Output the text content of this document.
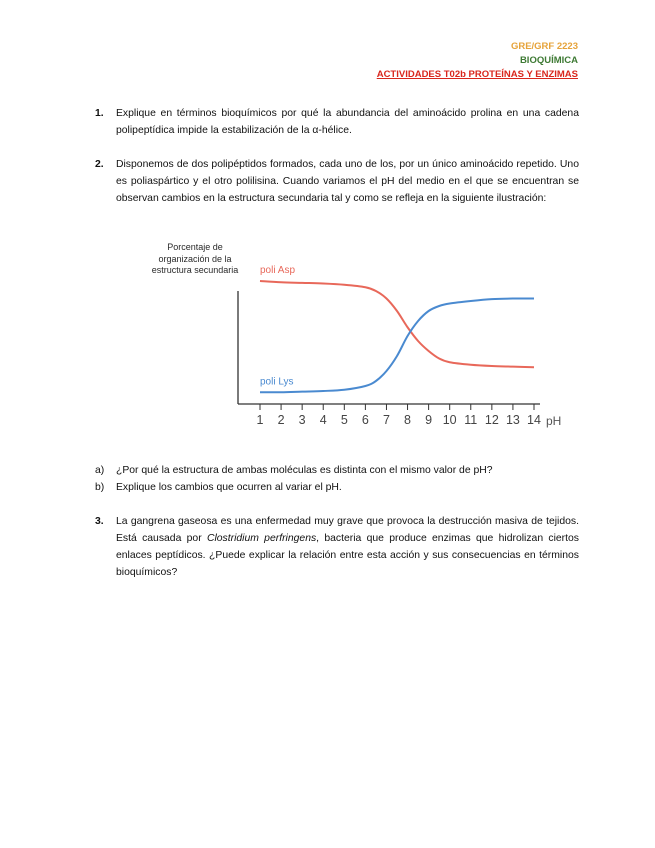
GRE/GRF 2223
BIOQUÍMICA
ACTIVIDADES T02b PROTEÍNAS Y ENZIMAS
1. Explique en términos bioquímicos por qué la abundancia del aminoácido prolina en una cadena polipeptídica impide la estabilización de la α-hélice.

2. Disponemos de dos polipéptidos formados, cada uno de los, por un único aminoácido repetido. Uno es poliaspártico y el otro polilisina. Cuando variamos el pH del medio en el que se encuentran se observan cambios en la estructura secundaria tal y como se refleja en la siguiente ilustración:

Porcentaje de organización de la estructura secundaria
1 2 3 4 5 6 7 8 9 10 11 12 13 14 pH
poli Asp
poli Lys
a) ¿Por qué la estructura de ambas moléculas es distinta con el mismo valor de pH?
b) Explique los cambios que ocurren al variar el pH.
3. La gangrena gaseosa es una enfermedad muy grave que provoca la destrucción masiva de tejidos. Está causada por Clostridium perfringens, bacteria que produce enzimas que hidrolizan ciertos enlaces peptídicos. ¿Puede explicar la relación entre esta acción y sus consecuencias en términos bioquímicos?
